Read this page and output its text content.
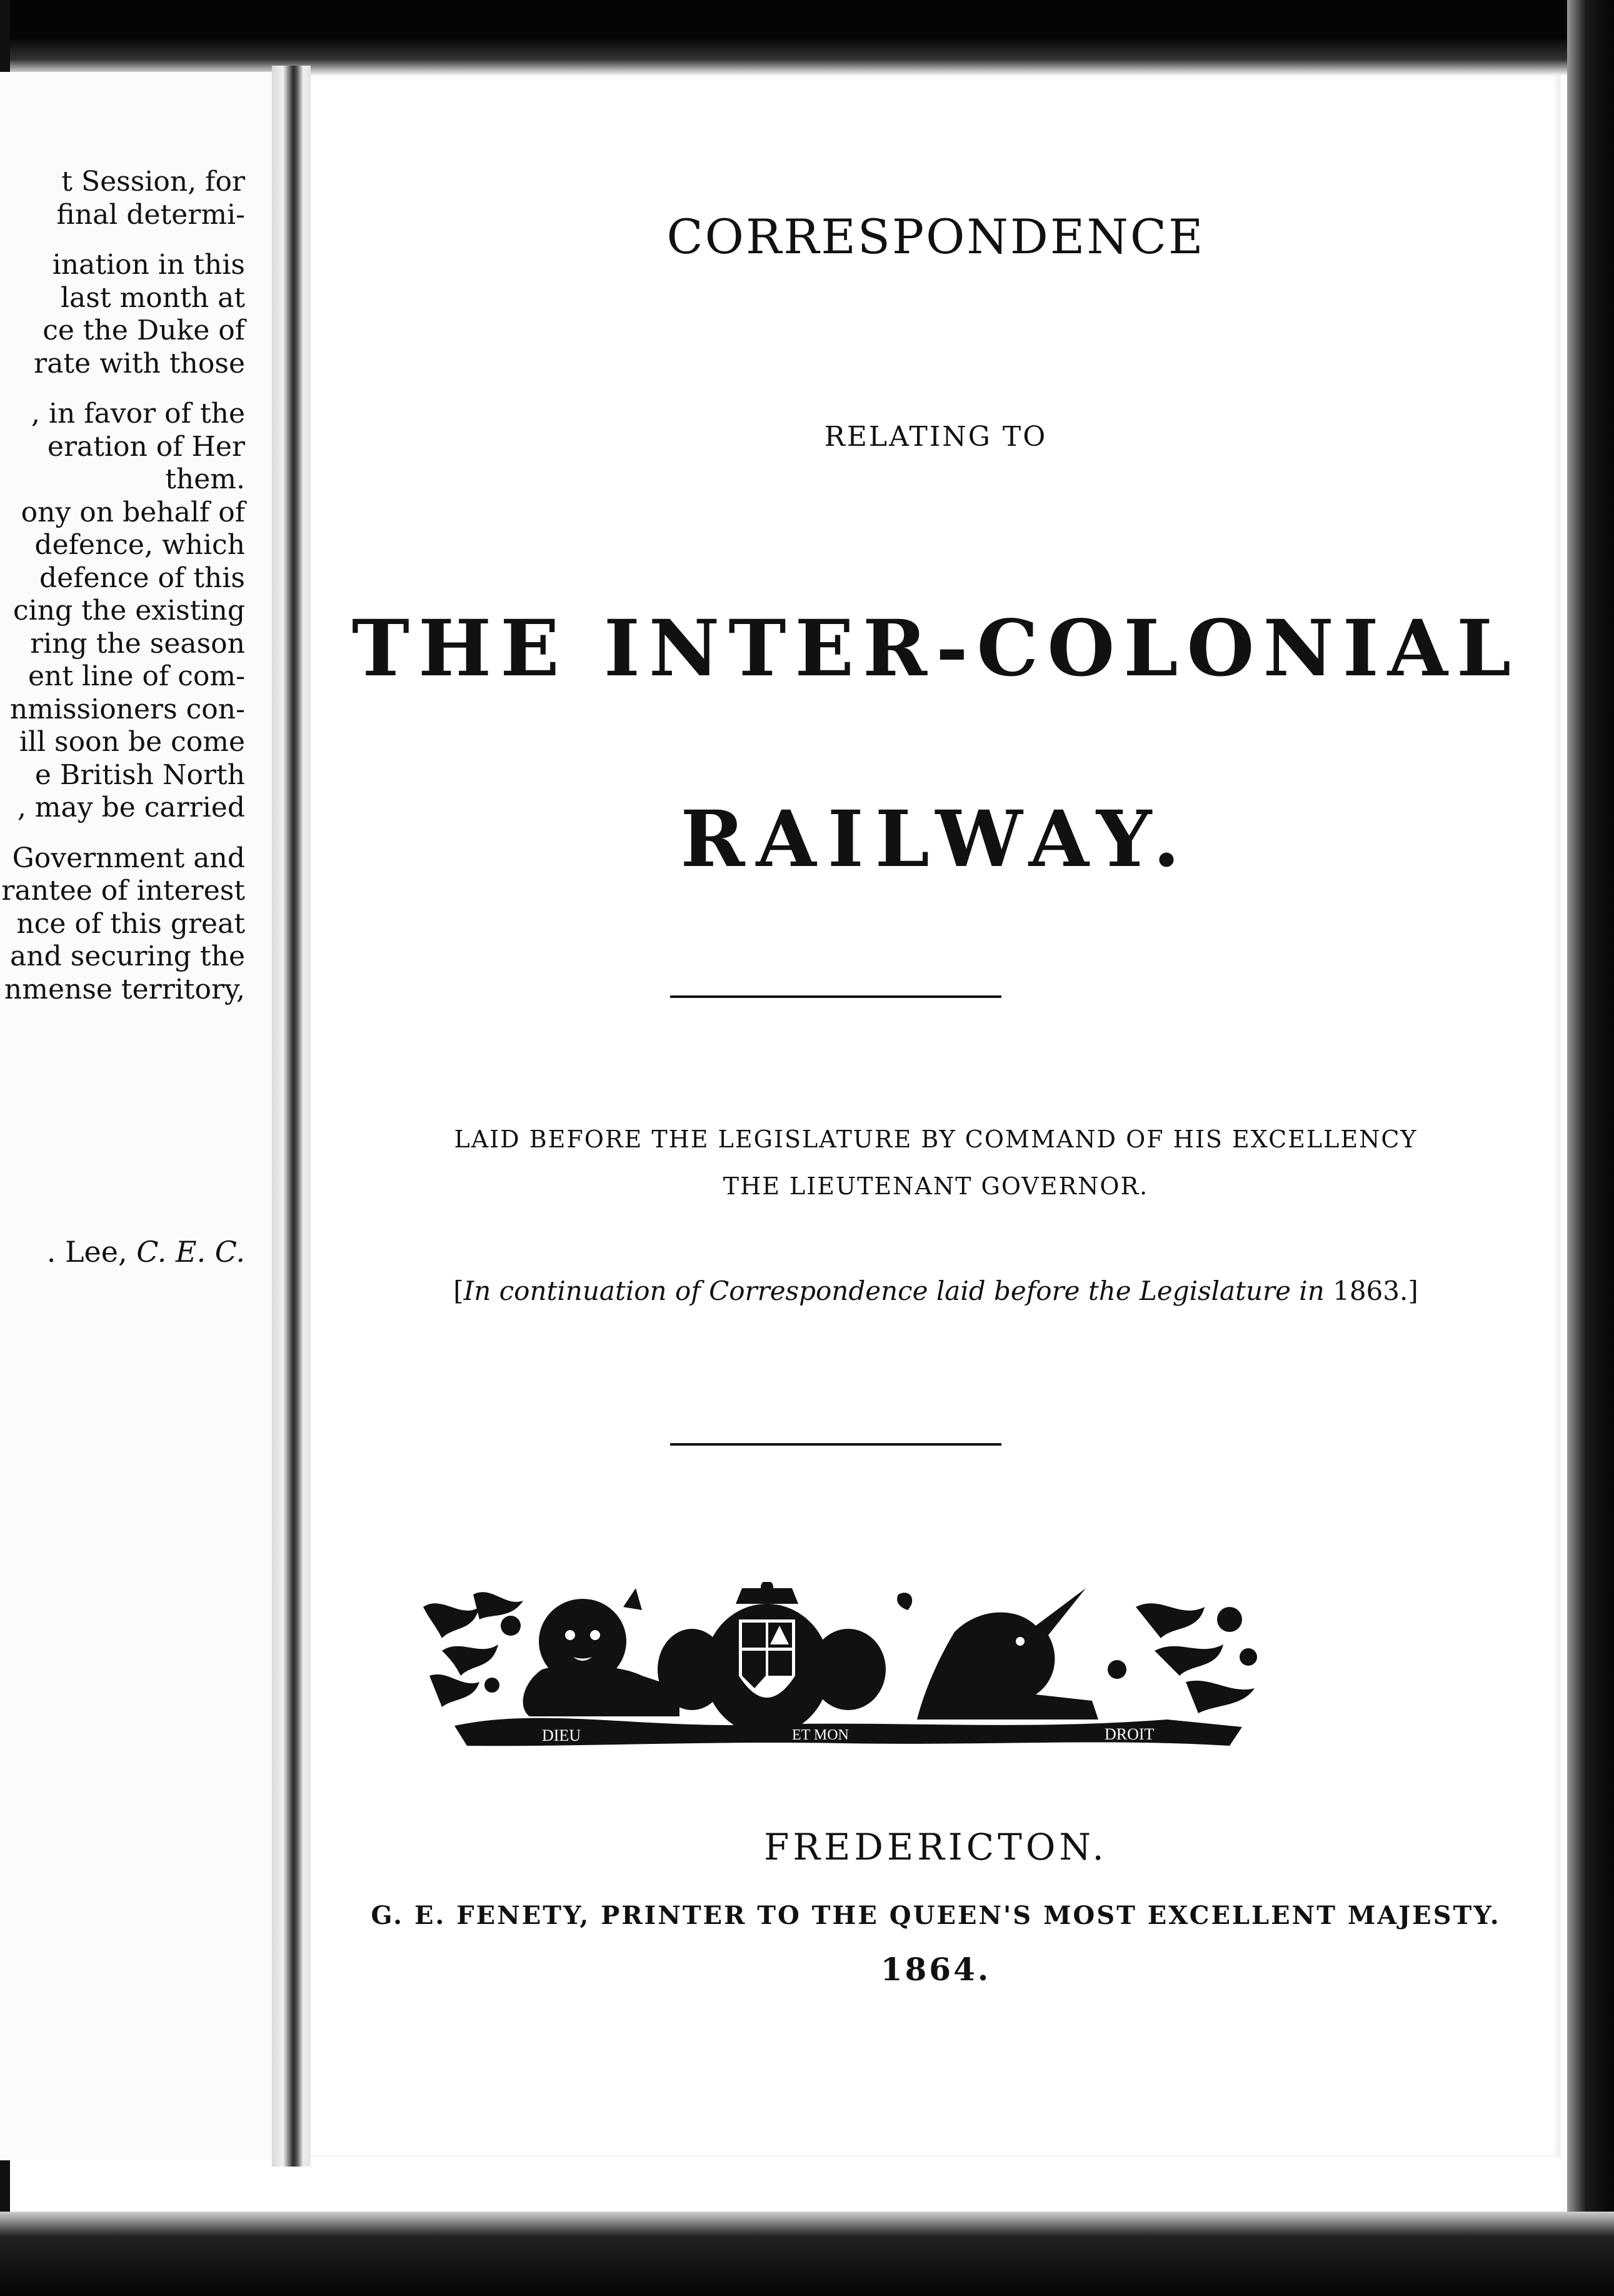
t Session, for
final determi-

ination in this
last month at
ce the Duke of
rate with those

, in favor of the
eration of Her
them.
ony on behalf of
defence, which
defence of this
cing the existing
ring the season
ent line of com-
nmissioners con-
ill soon be come
e British North
, may be carried

Government and
rantee of interest
nce of this great
and securing the
nmense territory,
. Lee, C. E. C.
CORRESPONDENCE
RELATING TO
THE INTER-COLONIAL
RAILWAY.
LAID BEFORE THE LEGISLATURE BY COMMAND OF HIS EXCELLENCY
THE LIEUTENANT GOVERNOR.
[In continuation of Correspondence laid before the Legislature in 1863.]
DIEU	ET MON	DROIT
FREDERICTON.
G. E. FENETY, PRINTER TO THE QUEEN'S MOST EXCELLENT MAJESTY.
1864.
